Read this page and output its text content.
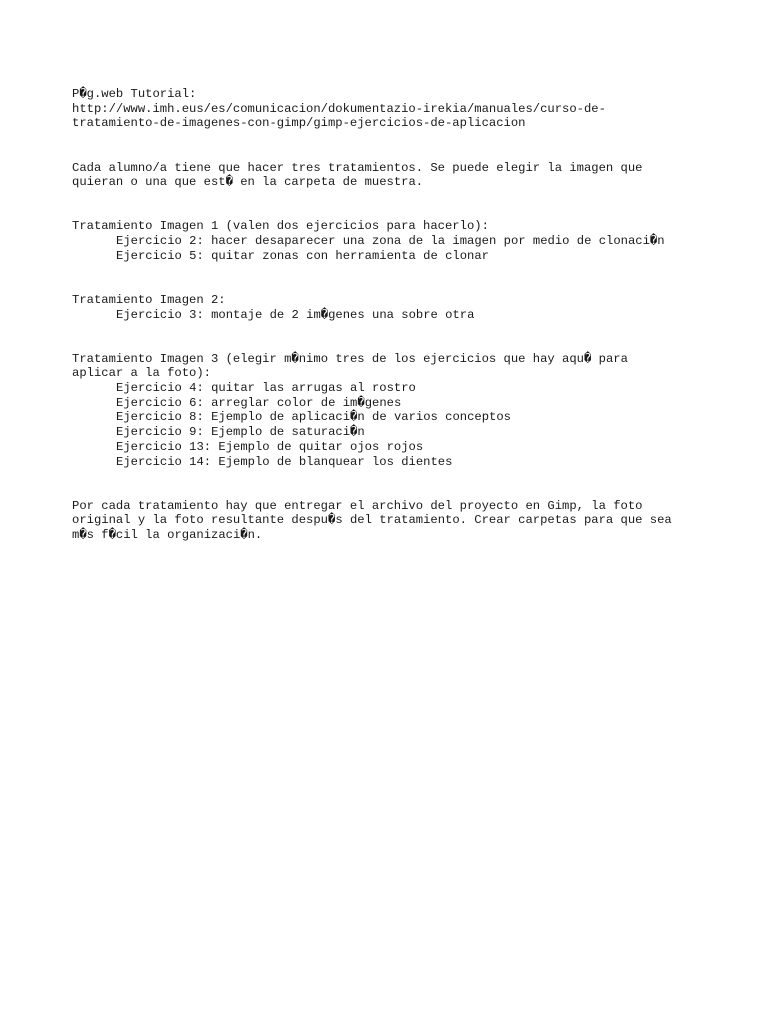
P�g.web Tutorial:
http://www.imh.eus/es/comunicacion/dokumentazio-irekia/manuales/curso-de-
tratamiento-de-imagenes-con-gimp/gimp-ejercicios-de-aplicacion
Cada alumno/a tiene que hacer tres tratamientos. Se puede elegir la imagen que
quieran o una que est� en la carpeta de muestra.
Tratamiento Imagen 1 (valen dos ejercicios para hacerlo):
Ejercicio 2: hacer desaparecer una zona de la imagen por medio de clonaci�n
Ejercicio 5: quitar zonas con herramienta de clonar
Tratamiento Imagen 2:
Ejercicio 3: montaje de 2 im�genes una sobre otra
Tratamiento Imagen 3 (elegir m�nimo tres de los ejercicios que hay aqu� para
aplicar a la foto):
Ejercicio 4: quitar las arrugas al rostro
Ejercicio 6: arreglar color de im�genes
Ejercicio 8: Ejemplo de aplicaci�n de varios conceptos
Ejercicio 9: Ejemplo de saturaci�n
Ejercicio 13: Ejemplo de quitar ojos rojos
Ejercicio 14: Ejemplo de blanquear los dientes
Por cada tratamiento hay que entregar el archivo del proyecto en Gimp, la foto
original y la foto resultante despu�s del tratamiento. Crear carpetas para que sea
m�s f�cil la organizaci�n.
